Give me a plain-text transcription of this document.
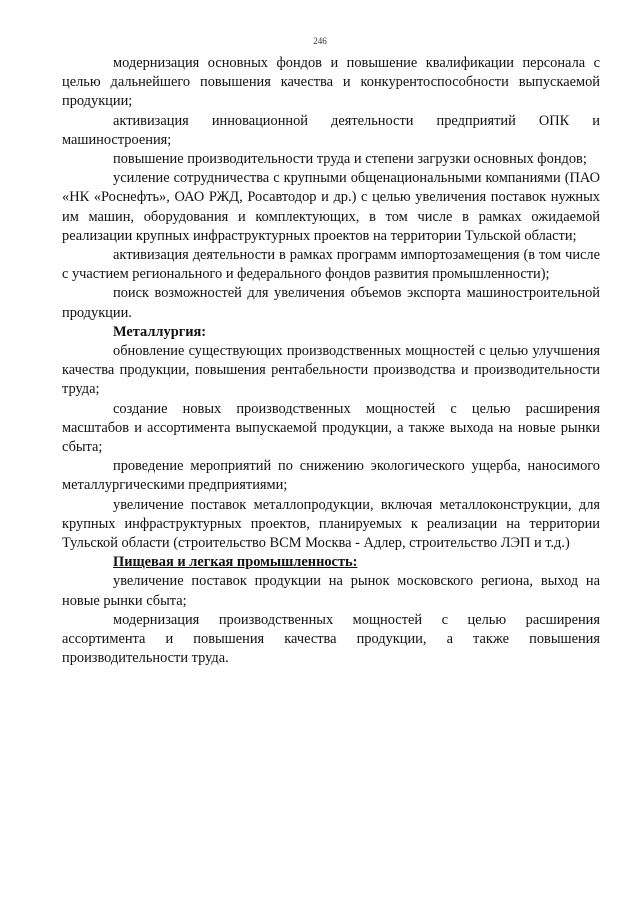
246

модернизация основных фондов и повышение квалификации персонала с целью дальнейшего повышения качества и конкурентоспособности выпускаемой продукции;

активизация инновационной деятельности предприятий ОПК и машиностроения;

повышение производительности труда и степени загрузки основных фондов;

усиление сотрудничества с крупными общенациональными компаниями (ПАО «НК «Роснефть», ОАО РЖД, Росавтодор и др.) с целью увеличения поставок нужных им машин, оборудования и комплектующих, в том числе в рамках ожидаемой реализации крупных инфраструктурных проектов на территории Тульской области;

активизация деятельности в рамках программ импортозамещения (в том числе с участием регионального и федерального фондов развития промышленности);

поиск возможностей для увеличения объемов экспорта машиностроительной продукции.

Металлургия:

обновление существующих производственных мощностей с целью улучшения качества продукции, повышения рентабельности производства и производительности труда;

создание новых производственных мощностей с целью расширения масштабов и ассортимента выпускаемой продукции, а также выхода на новые рынки сбыта;

проведение мероприятий по снижению экологического ущерба, наносимого металлургическими предприятиями;

увеличение поставок металлопродукции, включая металлоконструкции, для крупных инфраструктурных проектов, планируемых к реализации на территории Тульской области (строительство ВСМ Москва - Адлер, строительство ЛЭП и т.д.)

Пищевая и легкая промышленность:

увеличение поставок продукции на рынок московского региона, выход на новые рынки сбыта;

модернизация производственных мощностей с целью расширения ассортимента и повышения качества продукции, а также повышения производительности труда.
